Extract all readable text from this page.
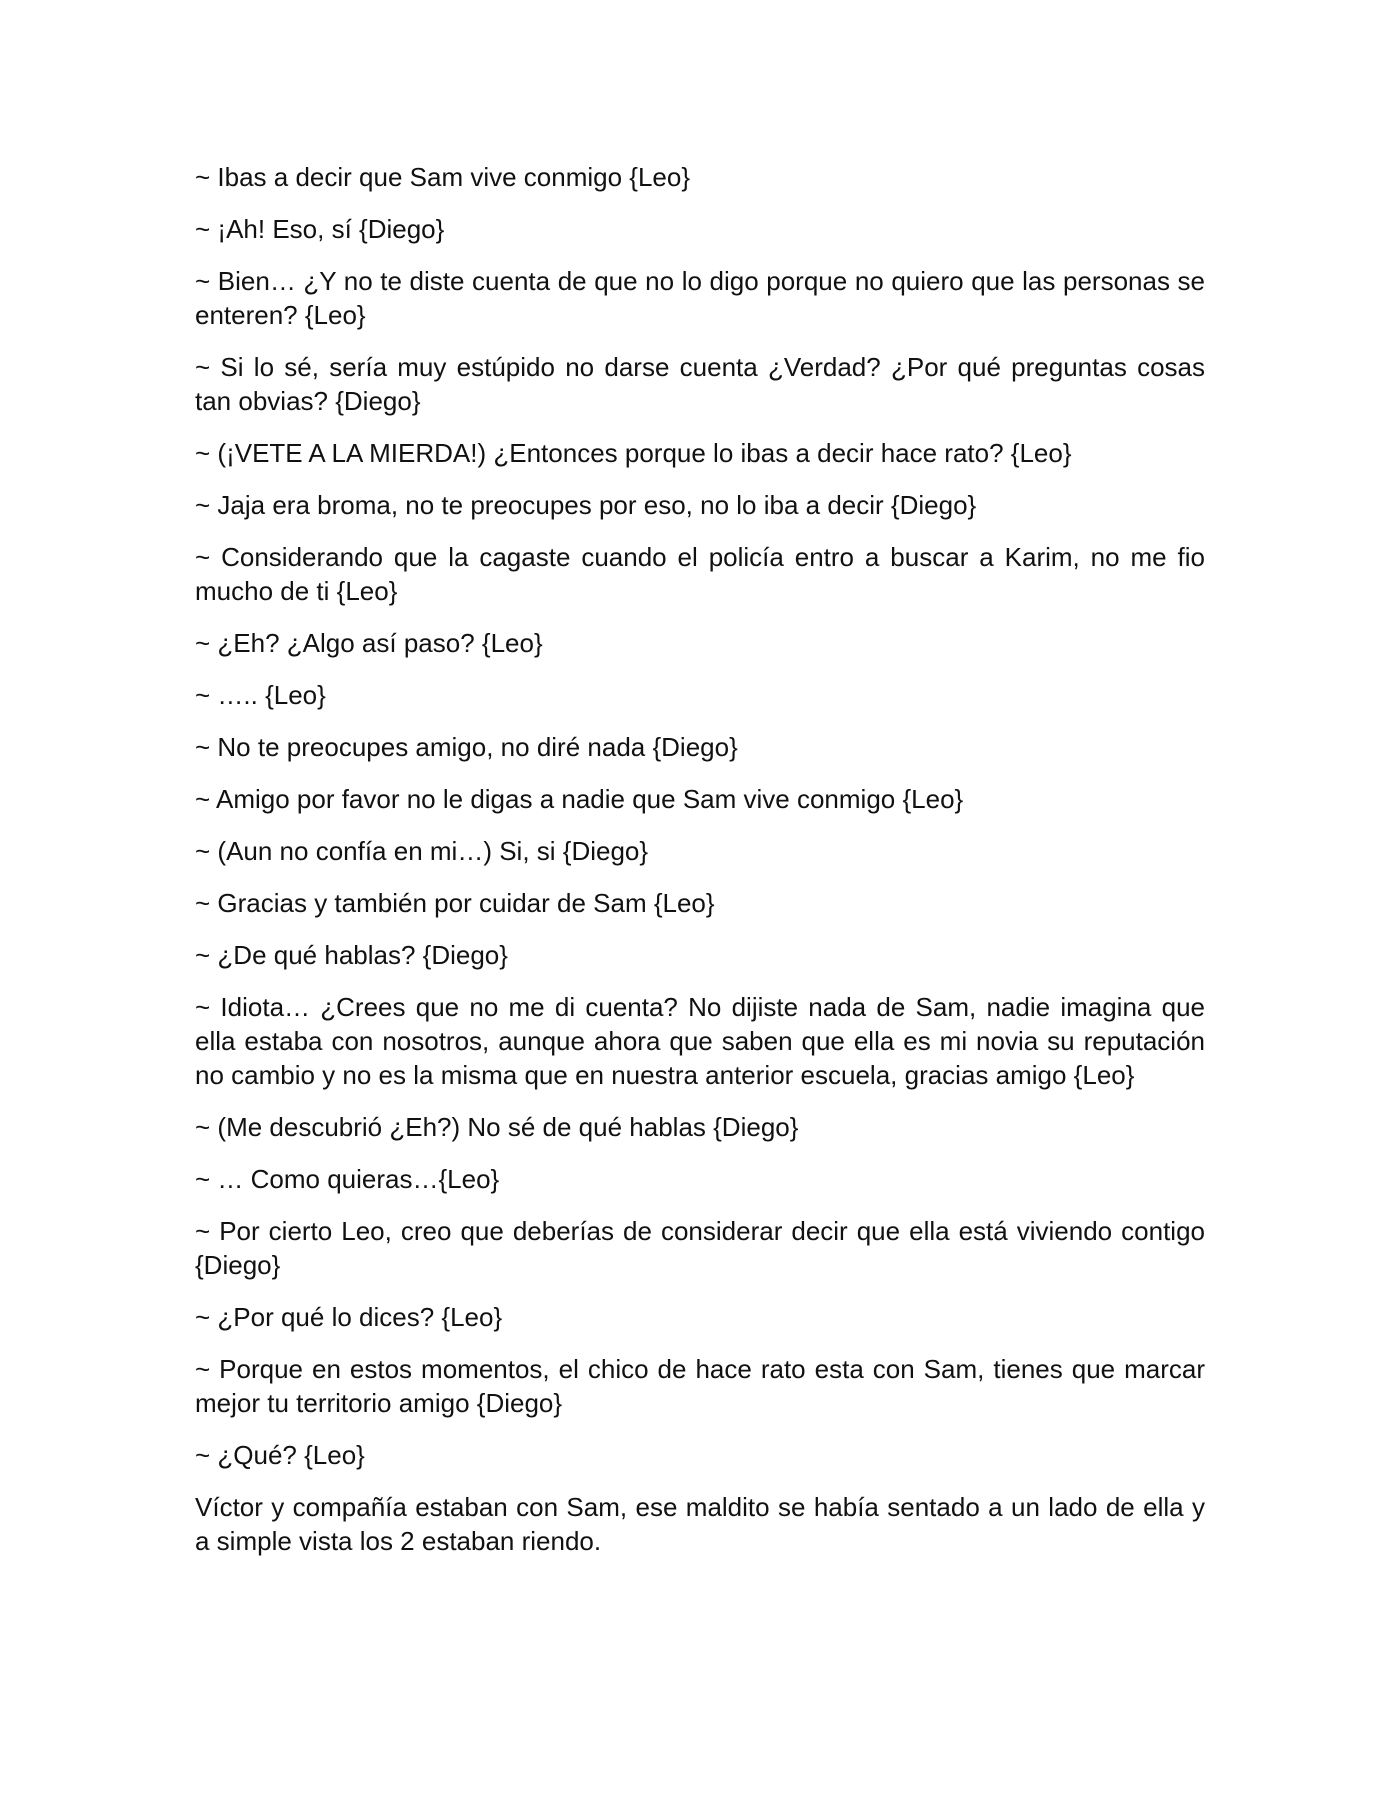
~ Ibas a decir que Sam vive conmigo {Leo}

~ ¡Ah! Eso, sí {Diego}

~ Bien… ¿Y no te diste cuenta de que no lo digo porque no quiero que las personas se enteren? {Leo}

~ Si lo sé, sería muy estúpido no darse cuenta ¿Verdad? ¿Por qué preguntas cosas tan obvias? {Diego}

~ (¡VETE A LA MIERDA!) ¿Entonces porque lo ibas a decir hace rato? {Leo}

~ Jaja era broma, no te preocupes por eso, no lo iba a decir {Diego}

~ Considerando que la cagaste cuando el policía entro a buscar a Karim, no me fio mucho de ti {Leo}

~ ¿Eh? ¿Algo así paso? {Leo}

~ ….. {Leo}

~ No te preocupes amigo, no diré nada {Diego}

~ Amigo por favor no le digas a nadie que Sam vive conmigo {Leo}

~ (Aun no confía en mi…) Si, si {Diego}

~ Gracias y también por cuidar de Sam {Leo}

~ ¿De qué hablas? {Diego}

~ Idiota… ¿Crees que no me di cuenta? No dijiste nada de Sam, nadie imagina que ella estaba con nosotros, aunque ahora que saben que ella es mi novia su reputación no cambio y no es la misma que en nuestra anterior escuela, gracias amigo {Leo}

~ (Me descubrió ¿Eh?) No sé de qué hablas {Diego}

~ … Como quieras…{Leo}

~ Por cierto Leo, creo que deberías de considerar decir que ella está viviendo contigo {Diego}

~ ¿Por qué lo dices? {Leo}

~ Porque en estos momentos, el chico de hace rato esta con Sam, tienes que marcar mejor tu territorio amigo {Diego}

~ ¿Qué? {Leo}

Víctor y compañía estaban con Sam, ese maldito se había sentado a un lado de ella y a simple vista los 2 estaban riendo.
